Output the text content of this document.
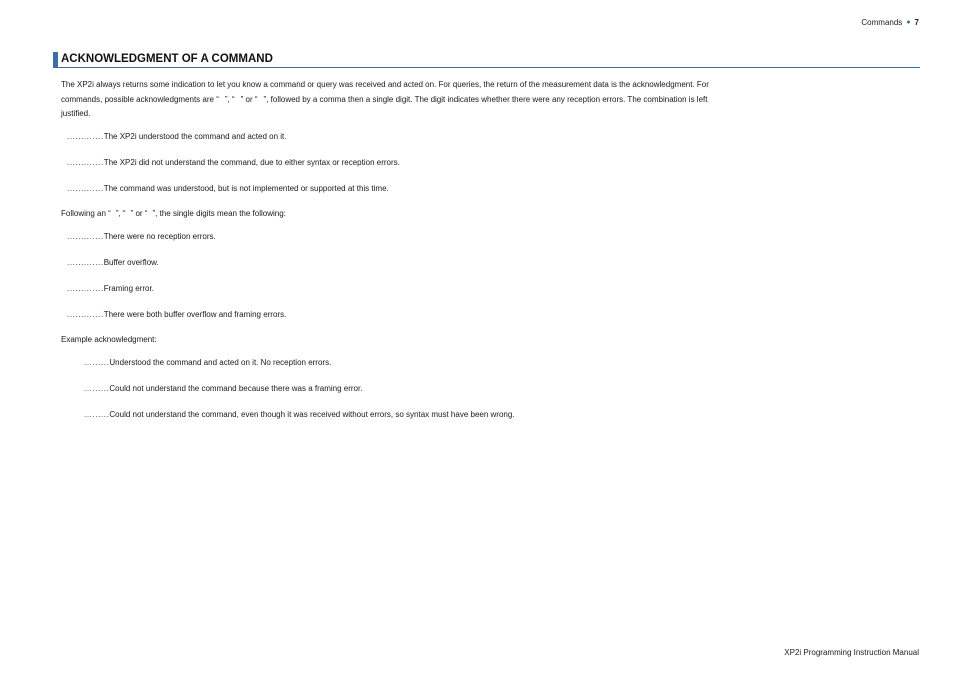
Commands ● 7
ACKNOWLEDGMENT OF A COMMAND

The XP2i always returns some indication to let you know a command or query was received and acted on. For queries, the return of the measurement data is the acknowledgment. For commands, possible acknowledgments are “ ”, “ ” or “ ”, followed by a comma then a single digit. The digit indicates whether there were any reception errors. The combination is left justified.

............. The XP2i understood the command and acted on it.
............. The XP2i did not understand the command, due to either syntax or reception errors.
............. The command was understood, but is not implemented or supported at this time.
Following an “ ”, “ ” or “ ”, the single digits mean the following:
............. There were no reception errors.
............. Buffer overflow.
............. Framing error.
............. There were both buffer overflow and framing errors.
Example acknowledgment:
......... Understood the command and acted on it. No reception errors.
......... Could not understand the command because there was a framing error.
......... Could not understand the command, even though it was received without errors, so syntax must have been wrong.
XP2i Programming Instruction Manual
